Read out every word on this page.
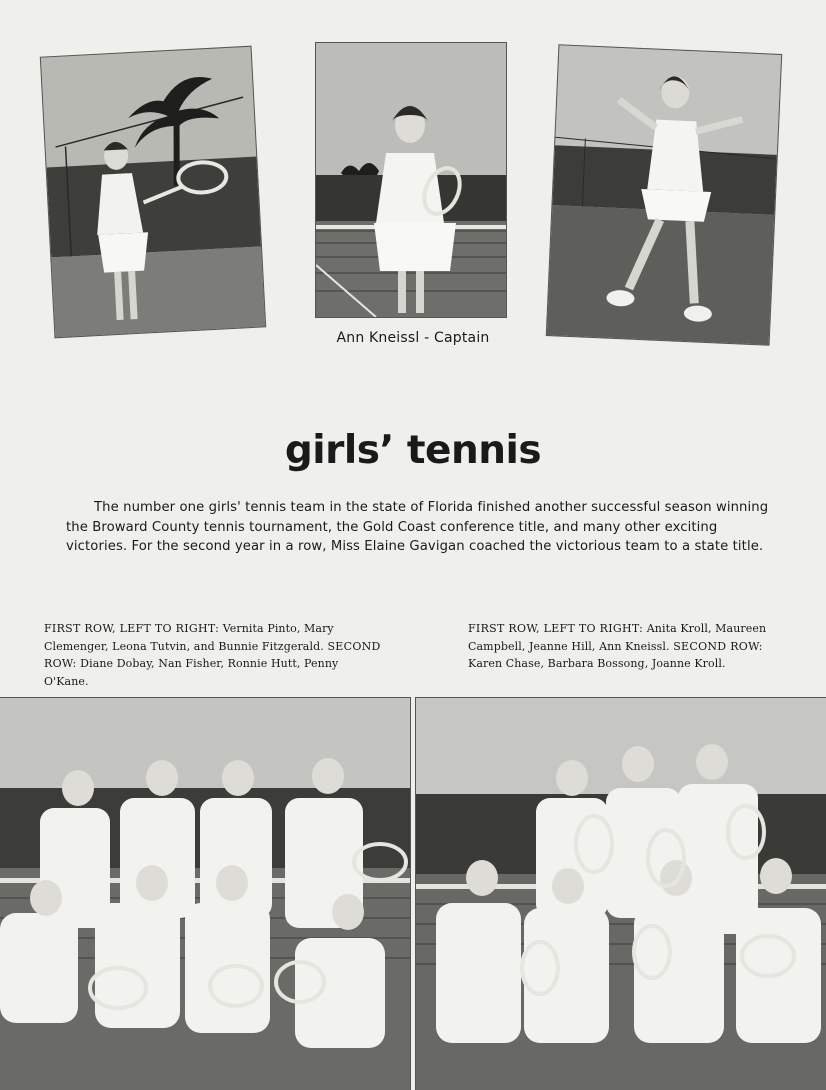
Ann Kneissl - Captain
girls’ tennis
The number one girls' tennis team in the state of Florida finished another successful season winning the Broward County tennis tournament, the Gold Coast conference title, and many other exciting victories. For the second year in a row, Miss Elaine Gavigan coached the victorious team to a state title.
FIRST ROW, LEFT TO RIGHT: Vernita Pinto, Mary Clemenger, Leona Tutvin, and Bunnie Fitzgerald. SECOND ROW: Diane Dobay, Nan Fisher, Ronnie Hutt, Penny O'Kane.
FIRST ROW, LEFT TO RIGHT: Anita Kroll, Maureen Campbell, Jeanne Hill, Ann Kneissl. SECOND ROW: Karen Chase, Barbara Bossong, Joanne Kroll.
